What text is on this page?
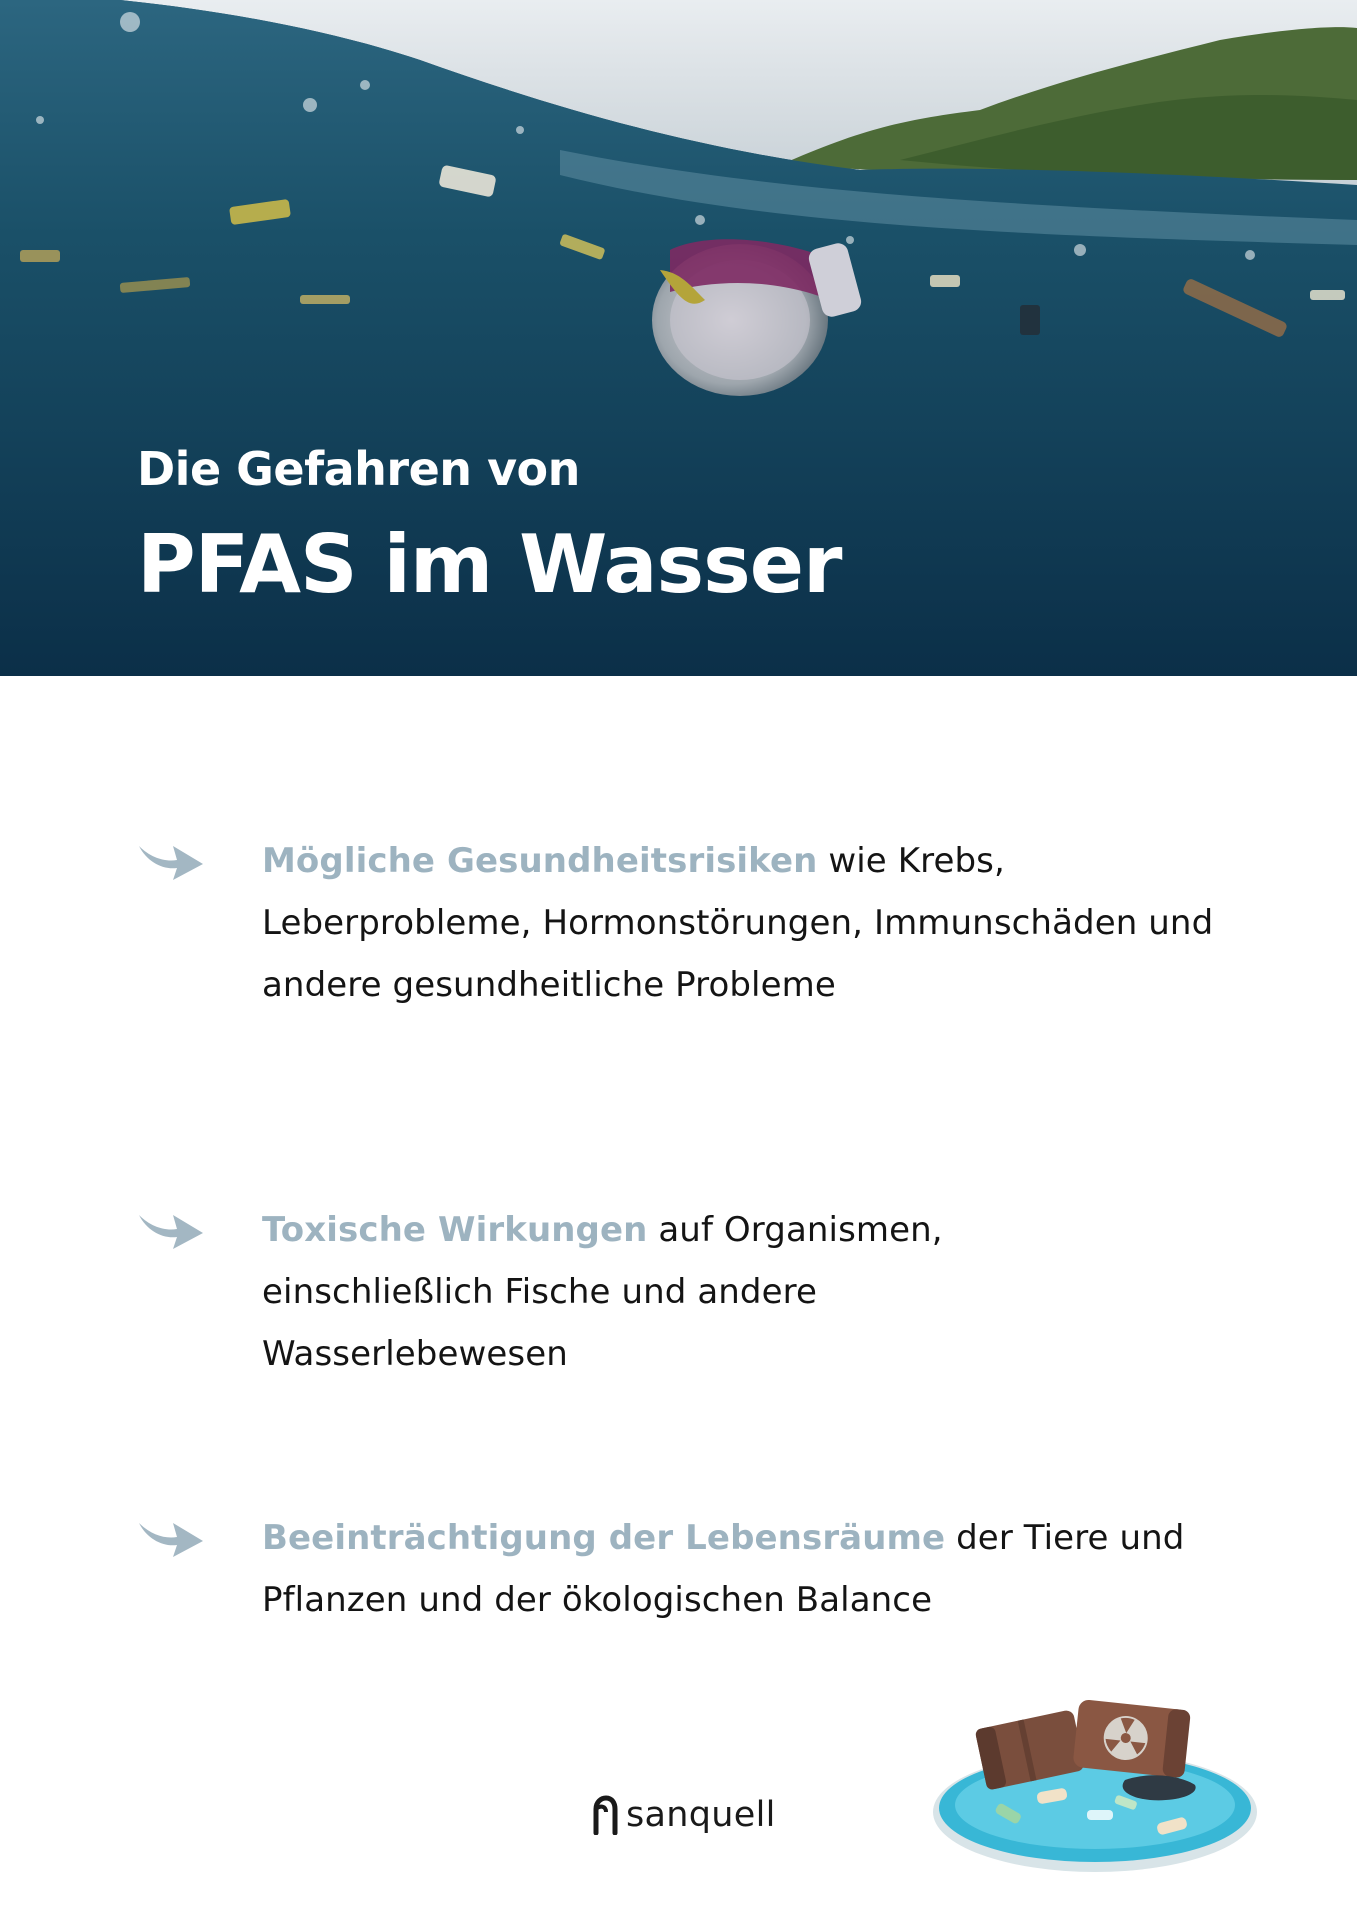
Die Gefahren von
PFAS im Wasser
Mögliche Gesundheitsrisiken wie Krebs, Leberprobleme, Hormonstörungen, Immunschäden und andere gesundheitliche Probleme
Toxische Wirkungen auf Organismen, einschließlich Fische und andere Wasserlebewesen
Beeinträchtigung der Lebensräume der Tiere und Pflanzen und der ökologischen Balance
sanquell
